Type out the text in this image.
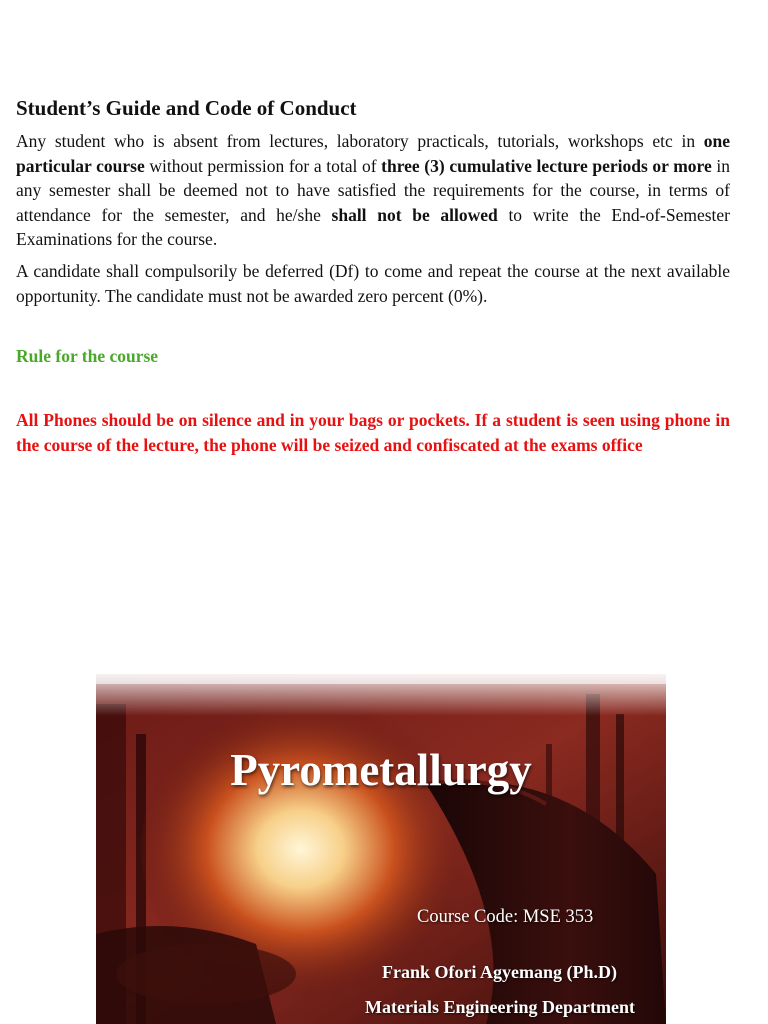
Student’s Guide and Code of Conduct

Any student who is absent from lectures, laboratory practicals, tutorials, workshops etc in one particular course without permission for a total of three (3) cumulative lecture periods or more in any semester shall be deemed not to have satisfied the requirements for the course, in terms of attendance for the semester, and he/she shall not be allowed to write the End-of-Semester Examinations for the course.

A candidate shall compulsorily be deferred (Df) to come and repeat the course at the next available opportunity. The candidate must not be awarded zero percent (0%).

Rule for the course

All Phones should be on silence and in your bags or pockets. If a student is seen using phone in the course of the lecture, the phone will be seized and confiscated at the exams office

Pyrometallurgy

Course Code: MSE 353

Frank Ofori Agyemang (Ph.D)

Materials Engineering Department
